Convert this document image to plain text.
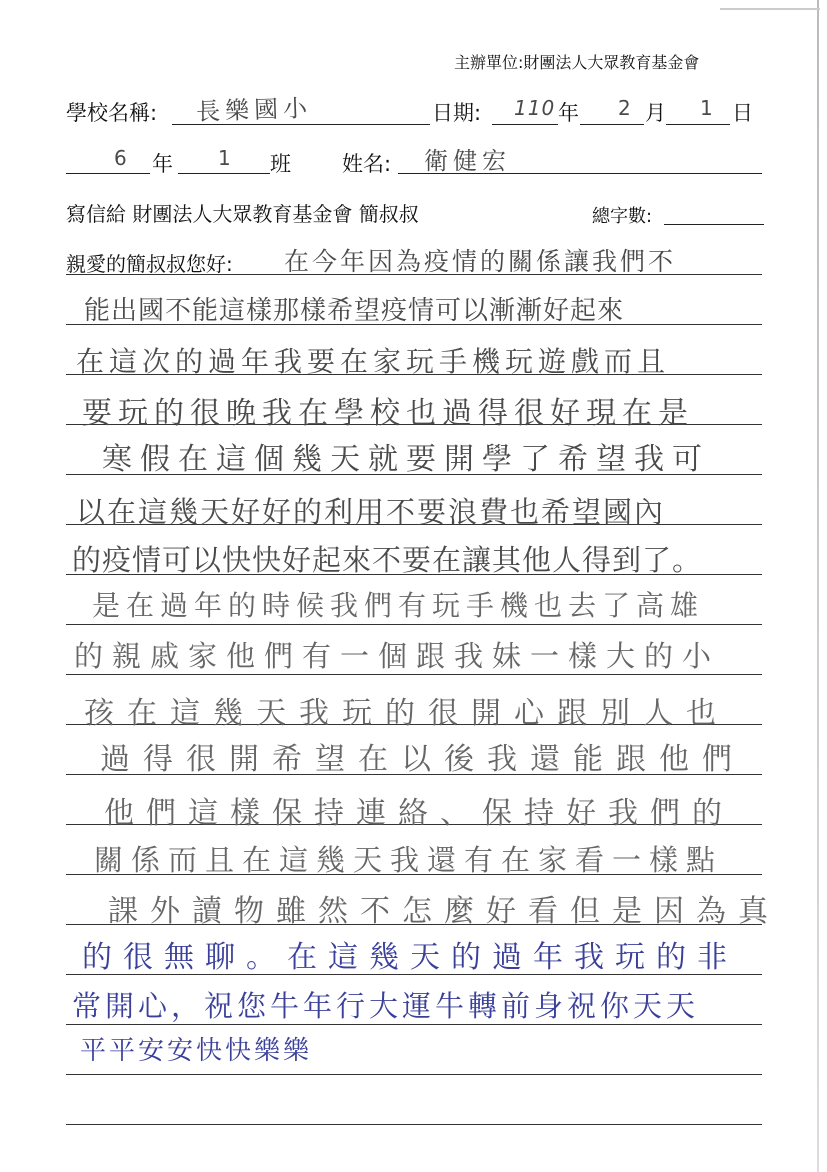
主辦單位:財團法人大眾教育基金會
學校名稱: 長樂國小	日期: 110 年 2 月 1 日
6 年 1 班 姓名: 衛健宏
寫信給 財團法人大眾教育基金會 簡叔叔	總字數:
親愛的簡叔叔您好: 在今年因為疫情的關係讓我們不
能出國不能這樣那樣希望疫情可以漸漸好起來
在這次的過年我要在家玩手機玩遊戲而且
要玩的很晚我在學校也過得很好現在是
寒假在這個幾天就要開學了希望我可
以在這幾天好好的利用不要浪費也希望國內
的疫情可以快快好起來不要在讓其他人得到了。
是在過年的時候我們有玩手機也去了高雄
的親戚家他們有一個跟我妹一樣大的小
孩在這幾天我玩的很開心跟別人也
過得很開希望在以後我還能跟他們
他們這樣保持連絡、保持好我們的
關係而且在這幾天我還有在家看一樣點
課外讀物雖然不怎麼好看但是因為真
的很無聊。在這幾天的過年我玩的非
常開心，祝您牛年行大運牛轉前身祝你天天
平平安安快快樂樂
